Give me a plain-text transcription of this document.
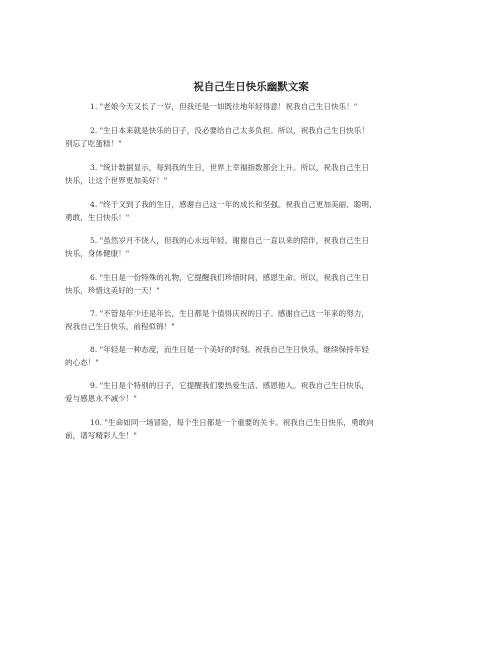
祝自己生日快乐幽默文案

1. "老娘今天又长了一岁，但我还是一如既往地年轻得意！祝我自己生日快乐！"

2. "生日本来就是快乐的日子，没必要给自己太多负担。所以，祝我自己生日快乐！
别忘了吃蛋糕！"

3. "统计数据显示，每到我的生日，世界上幸福指数都会上升。所以，祝我自己生日
快乐，让这个世界更加美好！"

4. "终于又到了我的生日，感谢自己这一年的成长和坚强。祝我自己更加美丽、聪明、
勇敢，生日快乐！"

5. "虽然岁月不饶人，但我的心永远年轻。谢谢自己一直以来的陪伴，祝我自己生日
快乐，身体健康！"

6. "生日是一份特殊的礼物，它提醒我们珍惜时间，感恩生命。所以，祝我自己生日
快乐，珍惜这美好的一天！"

7. "不管是年少还是年长，生日都是个值得庆祝的日子。感谢自己这一年来的努力，
祝我自己生日快乐，前程似锦！"

8. "年轻是一种态度，而生日是一个美好的时刻。祝我自己生日快乐，继续保持年轻
的心态！"

9. "生日是个特别的日子，它提醒我们要热爱生活、感恩他人。祝我自己生日快乐，
爱与感恩永不减少！"

10. "生命如同一场冒险，每个生日都是一个重要的关卡。祝我自己生日快乐，勇敢向
前，谱写精彩人生！"
